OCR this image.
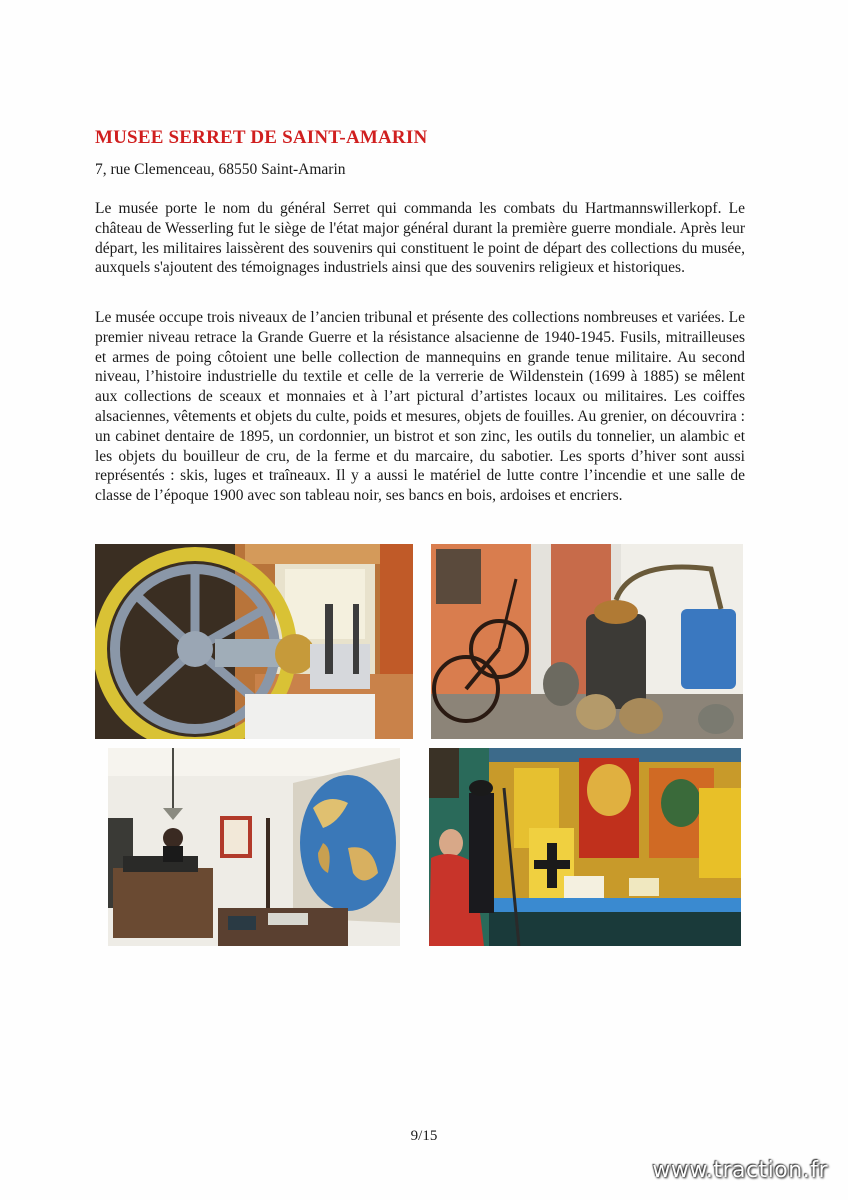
MUSEE SERRET DE SAINT-AMARIN
7, rue Clemenceau, 68550 Saint-Amarin

Le musée porte le nom du général Serret qui commanda les combats du Hartmannswillerkopf. Le château de Wesserling fut le siège de l'état major général durant la première guerre mondiale. Après leur départ, les militaires laissèrent des souvenirs qui constituent le point de départ des collections du musée, auxquels s'ajoutent des témoignages industriels ainsi que des souvenirs religieux et historiques.

Le musée occupe trois niveaux de l’ancien tribunal et présente des collections nombreuses et variées. Le premier niveau retrace la Grande Guerre et la résistance alsacienne de 1940-1945. Fusils, mitrailleuses et armes de poing côtoient une belle collection de mannequins en grande tenue militaire. Au second niveau, l’histoire industrielle du textile et celle de la verrerie de Wildenstein (1699 à 1885) se mêlent aux collections de sceaux et monnaies et à l’art pictural d’artistes locaux ou militaires. Les coiffes alsaciennes, vêtements et objets du culte, poids et mesures, objets de fouilles. Au grenier, on découvrira : un cabinet dentaire de 1895, un cordonnier, un bistrot et son zinc, les outils du tonnelier, un alambic et les objets du bouilleur de cru, de la ferme et du marcaire, du sabotier. Les sports d’hiver sont aussi représentés : skis, luges et traîneaux. Il y a aussi le matériel de lutte contre l’incendie et une salle de classe de l’époque 1900 avec son tableau noir, ses bancs en bois, ardoises et encriers.

9/15
www.traction.fr
